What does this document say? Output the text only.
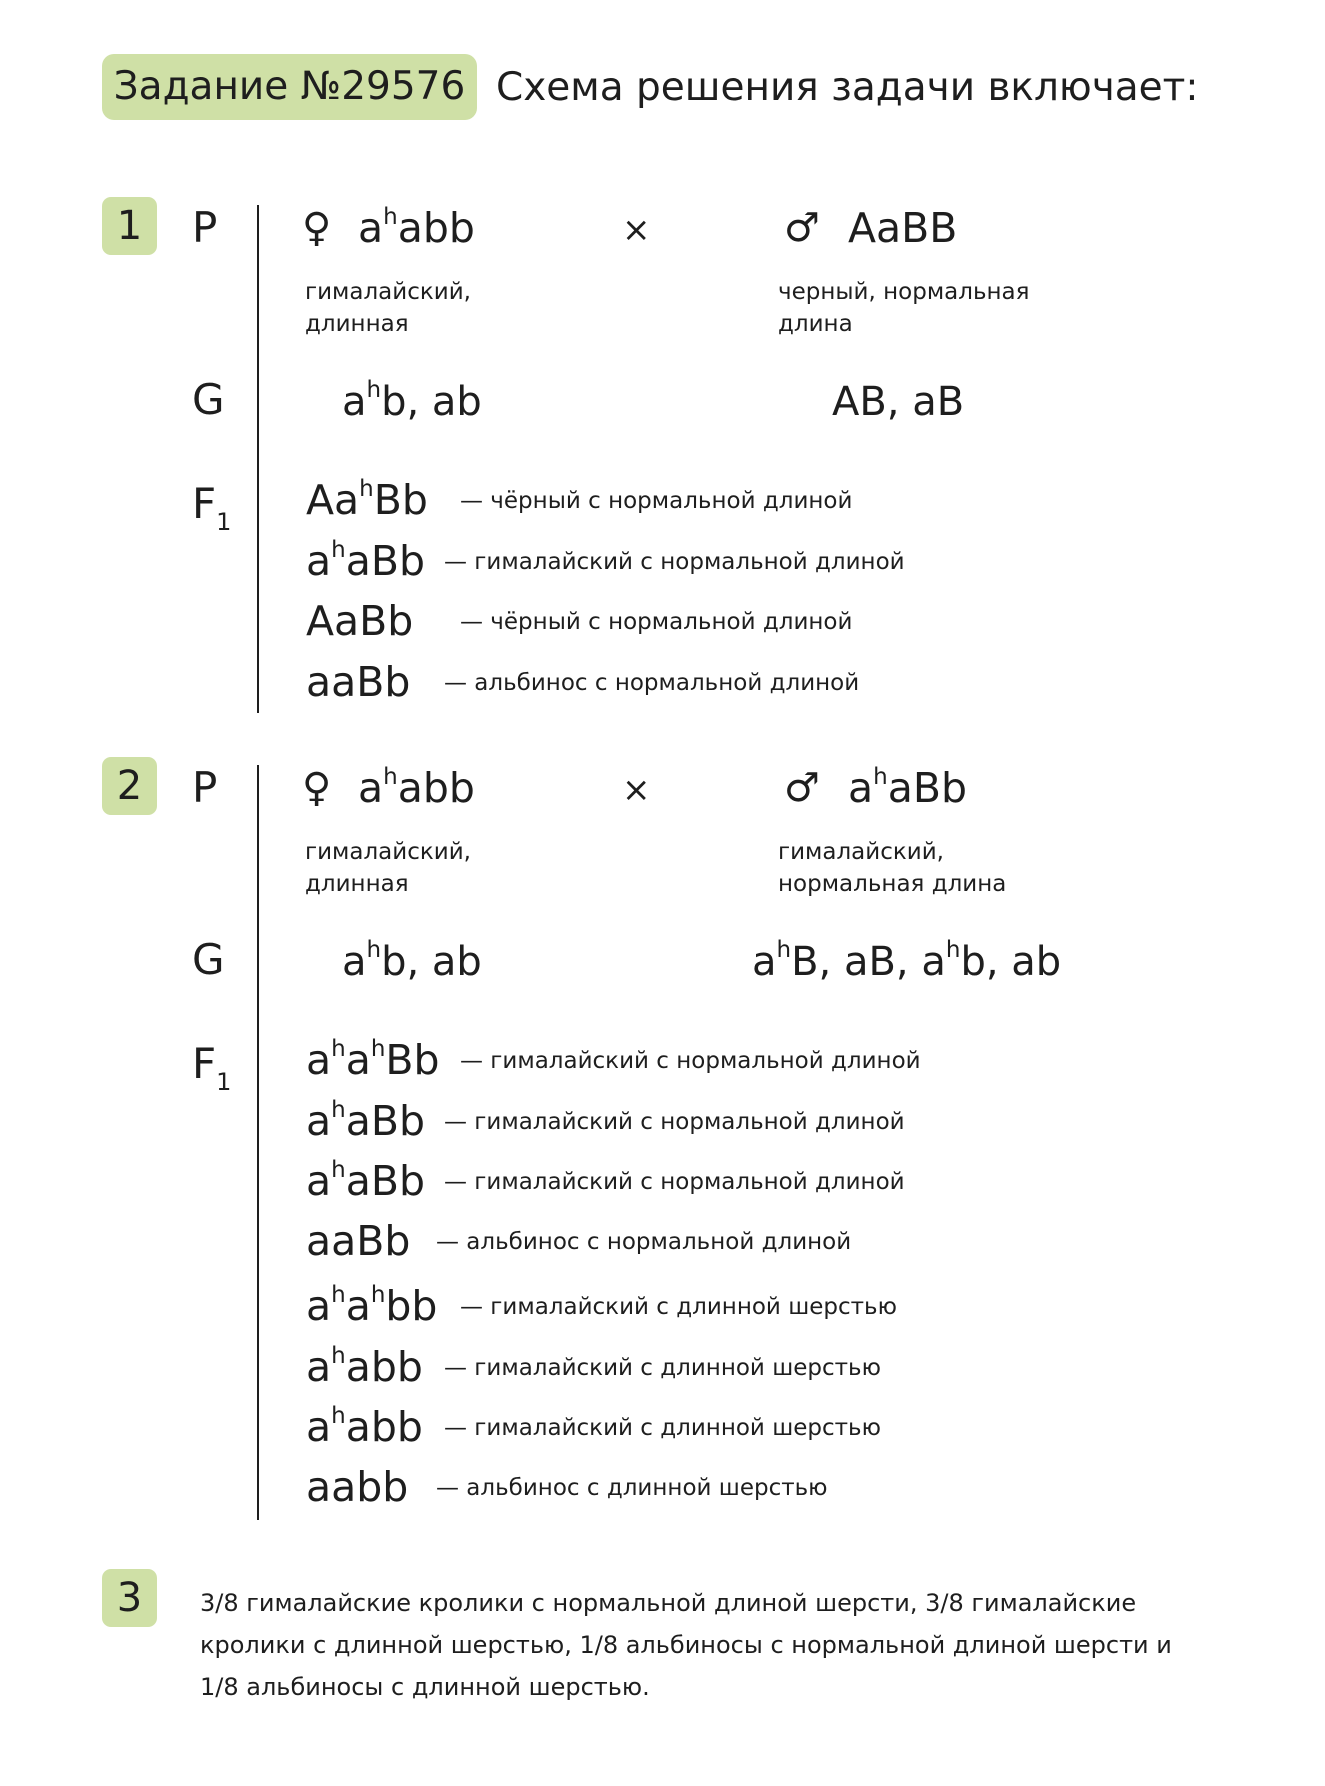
Задание №29576 Схема решения задачи включает:
1	P ♀ $a^habb$	×	♂ AaBB
гималайский, длинная
черный, нормальная длина
G	$a^hb$, ab	AB, aB
$F_1$ Aa$^h$Bb — чёрный с нормальной длиной
$a^haBb$ — гималайский с нормальной длиной
AaBb — чёрный с нормальной длиной
aaBb — альбинос с нормальной длиной
2	P ♀ $a^habb$	×	♂ $a^haBb$
гималайский, длинная
гималайский, нормальная длина
G	$a^hb$, ab	$a^hB$, aB, $a^hb$, ab
$F_1$ $a^ha^hBb$ — гималайский с нормальной длиной
$a^haBb$ — гималайский с нормальной длиной
$a^haBb$ — гималайский с нормальной длиной
aaBb — альбинос с нормальной длиной
$a^ha^hbb$ — гималайский с длинной шерстью
$a^habb$ — гималайский с длинной шерстью
$a^habb$ — гималайский с длинной шерстью
aabb — альбинос с длинной шерстью
3	3/8 гималайские кролики с нормальной длиной шерсти, 3/8 гималайские кролики с длинной шерстью, 1/8 альбиносы с нормальной длиной шерсти и 1/8 альбиносы с длинной шерстью.
